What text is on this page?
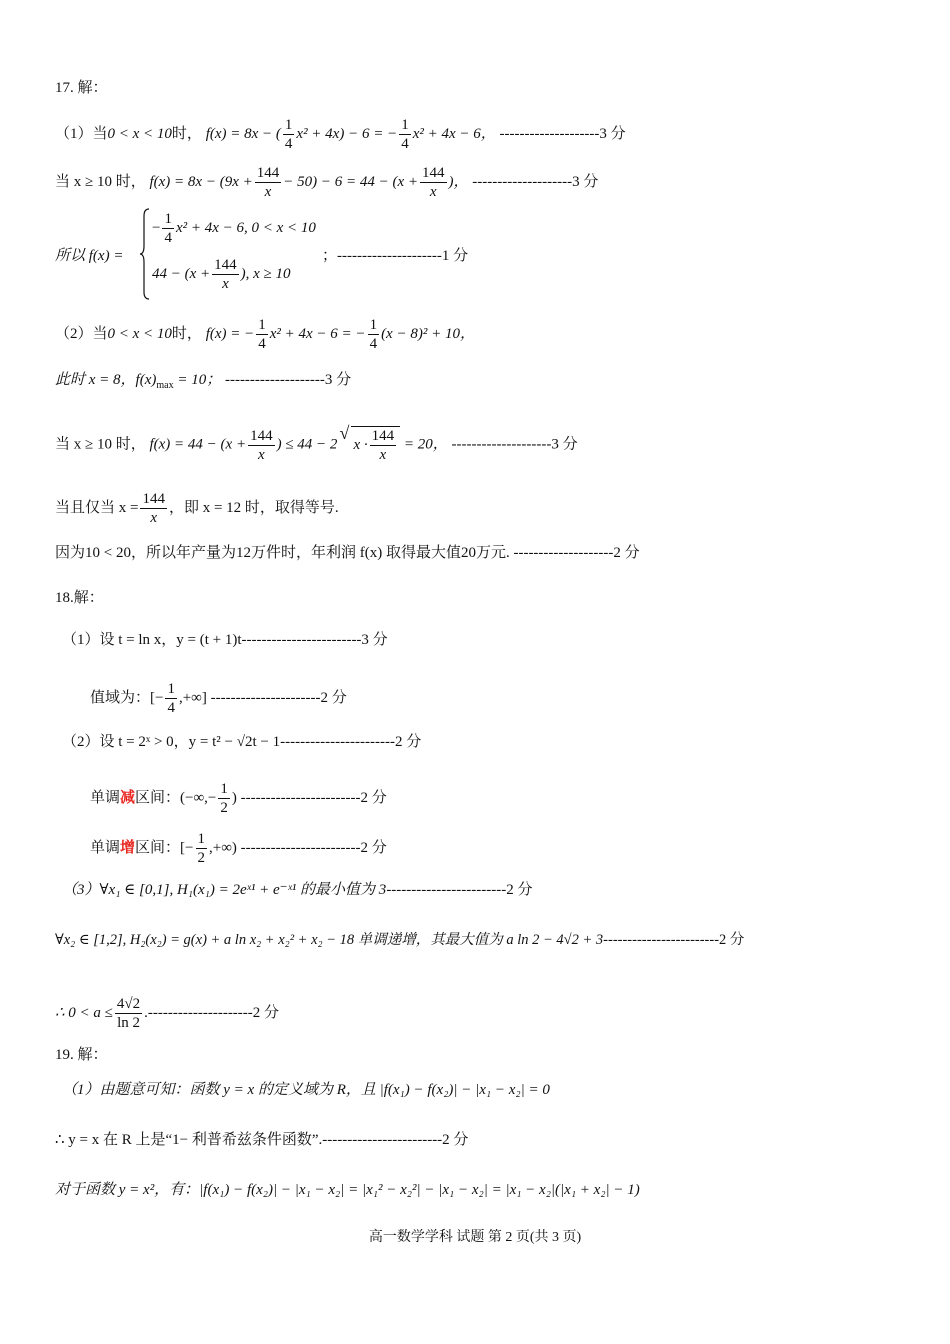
17. 解：
（1）当0 < x < 10时， f(x) = 8x − ( $\frac{1}{4} x^2 + 4x) - 6$ = − $\frac{1}{4} x^2 + 4x - 6$， --------------------3 分
当 x ≥ 10 时， $f(x) = 8x - (9x + \frac{144}{x} - 50) - 6 = 44 - (x + \frac{144}{x}$ )， --------------------3 分
所以 f(x) =
− $\frac{1}{4} x^2 + 4x - 6$, 0 < x < 10
$44 - (x + \frac{144}{x}$ ), x ≥ 10
；---------------------1 分
（2）当0 < x < 10时， f(x) = − $\frac{1}{4} x^2 + 4x - 6$ = − $\frac{1}{4} (x - 8)^2 + 10$，
此时 x = 8，$f(x)_{max} = 10$； --------------------3 分
当 x ≥ 10 时， $f(x) = 44 - (x + \frac{144}{x}$ ) ≤ 44 − 2√ $x \cdot \frac{144}{x} = 20$， --------------------3 分
当且仅当 $x = \frac{144}{x}$ ，即 x = 12 时，取得等号.
因为10 < 20，所以年产量为12万件时，年利润 f(x) 取得最大值20万元. --------------------2 分
18.解：
（1）设 t = ln x，y = (t + 1)t------------------------3 分
值域为：[− $\frac{1}{4}$ ,+∞] ----------------------2 分
（2）设 t = 2ˣ > 0，y = t² − √2t − 1-----------------------2 分
单调减区间：(−∞,− $\frac{1}{2}$ ) ------------------------2 分
单调增区间：[− $\frac{1}{2}$ ,+∞) ------------------------2 分
（3）∀x₁ ∈ [0,1], H₁(x₁) = 2eˣ¹ + e⁻ˣ¹ 的最小值为 3------------------------2 分
∀x₂ ∈ [1,2], H₂(x₂) = g(x) + a ln x₂ + x₂² + x₂ − 18 单调递增，其最大值为 a ln 2 − 4√2 + 3------------------------2 分
∴ $0 < a \le \frac{4√2}{\ln 2} .---------------------2$ 分
19. 解：
（1）由题意可知：函数 y = x 的定义域为 R，且 |f(x₁) − f(x₂)| − |x₁ − x₂| = 0
∴ y = x 在 R 上是“1− 利普希兹条件函数”.------------------------2 分
对于函数 y = x²，有：|f(x₁) − f(x₂)| − |x₁ − x₂| = |x₁² − x₂²| − |x₁ − x₂| = |x₁ − x₂|(|x₁ + x₂| − 1)
高一数学学科 试题 第 2 页(共 3 页)
